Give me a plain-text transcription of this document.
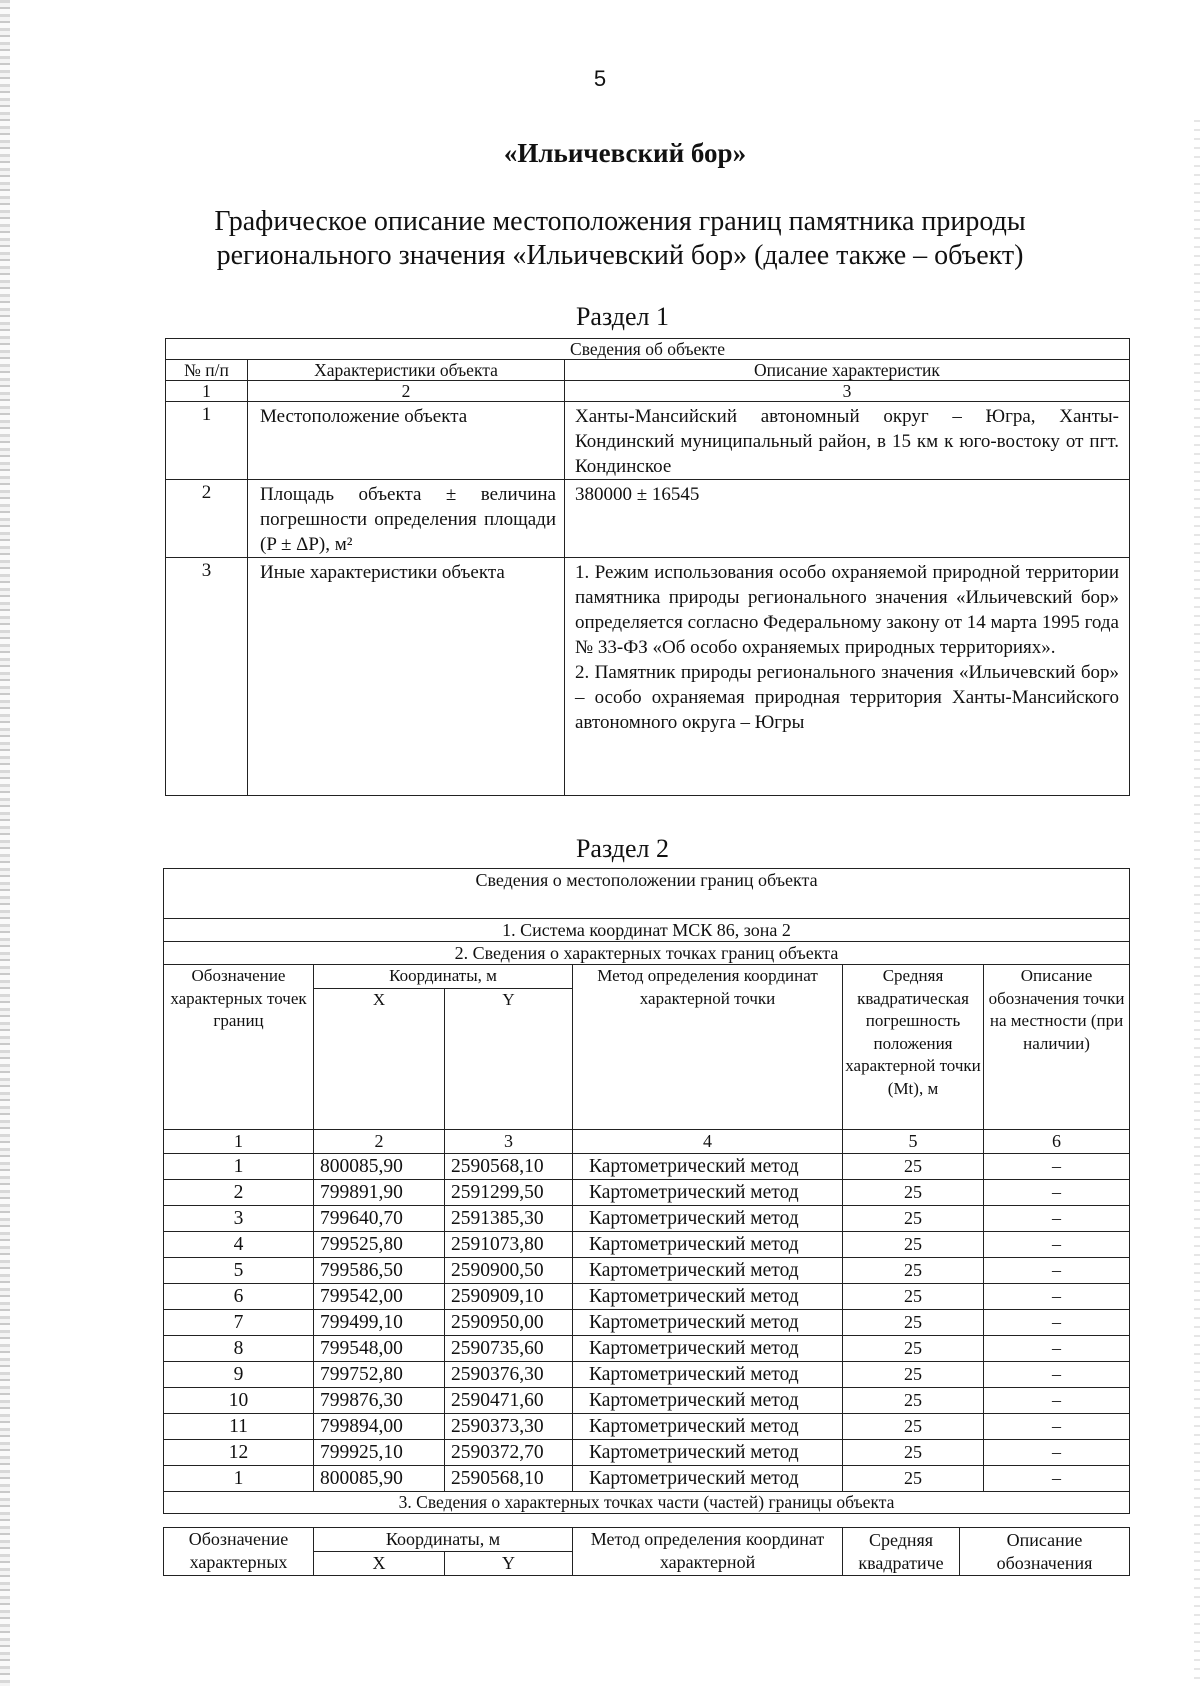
5
«Ильичевский бор»
Графическое описание местоположения границ памятника природы регионального значения «Ильичевский бор» (далее также – объект)
Раздел 1
Сведения об объекте		
№ п/п	Характеристики объекта	Описание характеристик
1	2	3
1	Местоположение объекта	Ханты-Мансийский автономный округ – Югра, Ханты-Кондинский муниципальный район, в 15 км к юго-востоку от пгт. Кондинское
2	Площадь объекта ± величина погрешности определения площади (P ± ΔP), м²	380000 ± 16545
3	Иные характеристики объекта	1. Режим использования особо охраняемой природной территории памятника природы регионального значения «Ильичевский бор» определяется согласно Федеральному закону от 14 марта 1995 года № 33-ФЗ «Об особо охраняемых природных территориях».

2. Памятник природы регионального значения «Ильичевский бор» – особо охраняемая природная территория Ханты-Мансийского автономного округа – Югры

Раздел 2
Сведения о местоположении границ объекта					
1. Система координат МСК 86, зона 2					
2. Сведения о характерных точках границ объекта					
Обозначение характерных точек границ	Координаты, м		Метод определения координат характерной точки	Средняя квадратическая погрешность положения характерной точки (Mt), м	Описание обозначения точки на местности (при наличии)
	X	Y			
1	2	3	4	5	6
1	800085,90	2590568,10	Картометрический метод	25	–
2	799891,90	2591299,50	Картометрический метод	25	–
3	799640,70	2591385,30	Картометрический метод	25	–
4	799525,80	2591073,80	Картометрический метод	25	–
5	799586,50	2590900,50	Картометрический метод	25	–
6	799542,00	2590909,10	Картометрический метод	25	–
7	799499,10	2590950,00	Картометрический метод	25	–
8	799548,00	2590735,60	Картометрический метод	25	–
9	799752,80	2590376,30	Картометрический метод	25	–
10	799876,30	2590471,60	Картометрический метод	25	–
11	799894,00	2590373,30	Картометрический метод	25	–
12	799925,10	2590372,70	Картометрический метод	25	–
1	800085,90	2590568,10	Картометрический метод	25	–
3. Сведения о характерных точках части (частей) границы объекта					
Обозначение характерных	Координаты, м		Метод определения координат характерной	Средняя квадратиче	Описание обозначения
	X	Y			
